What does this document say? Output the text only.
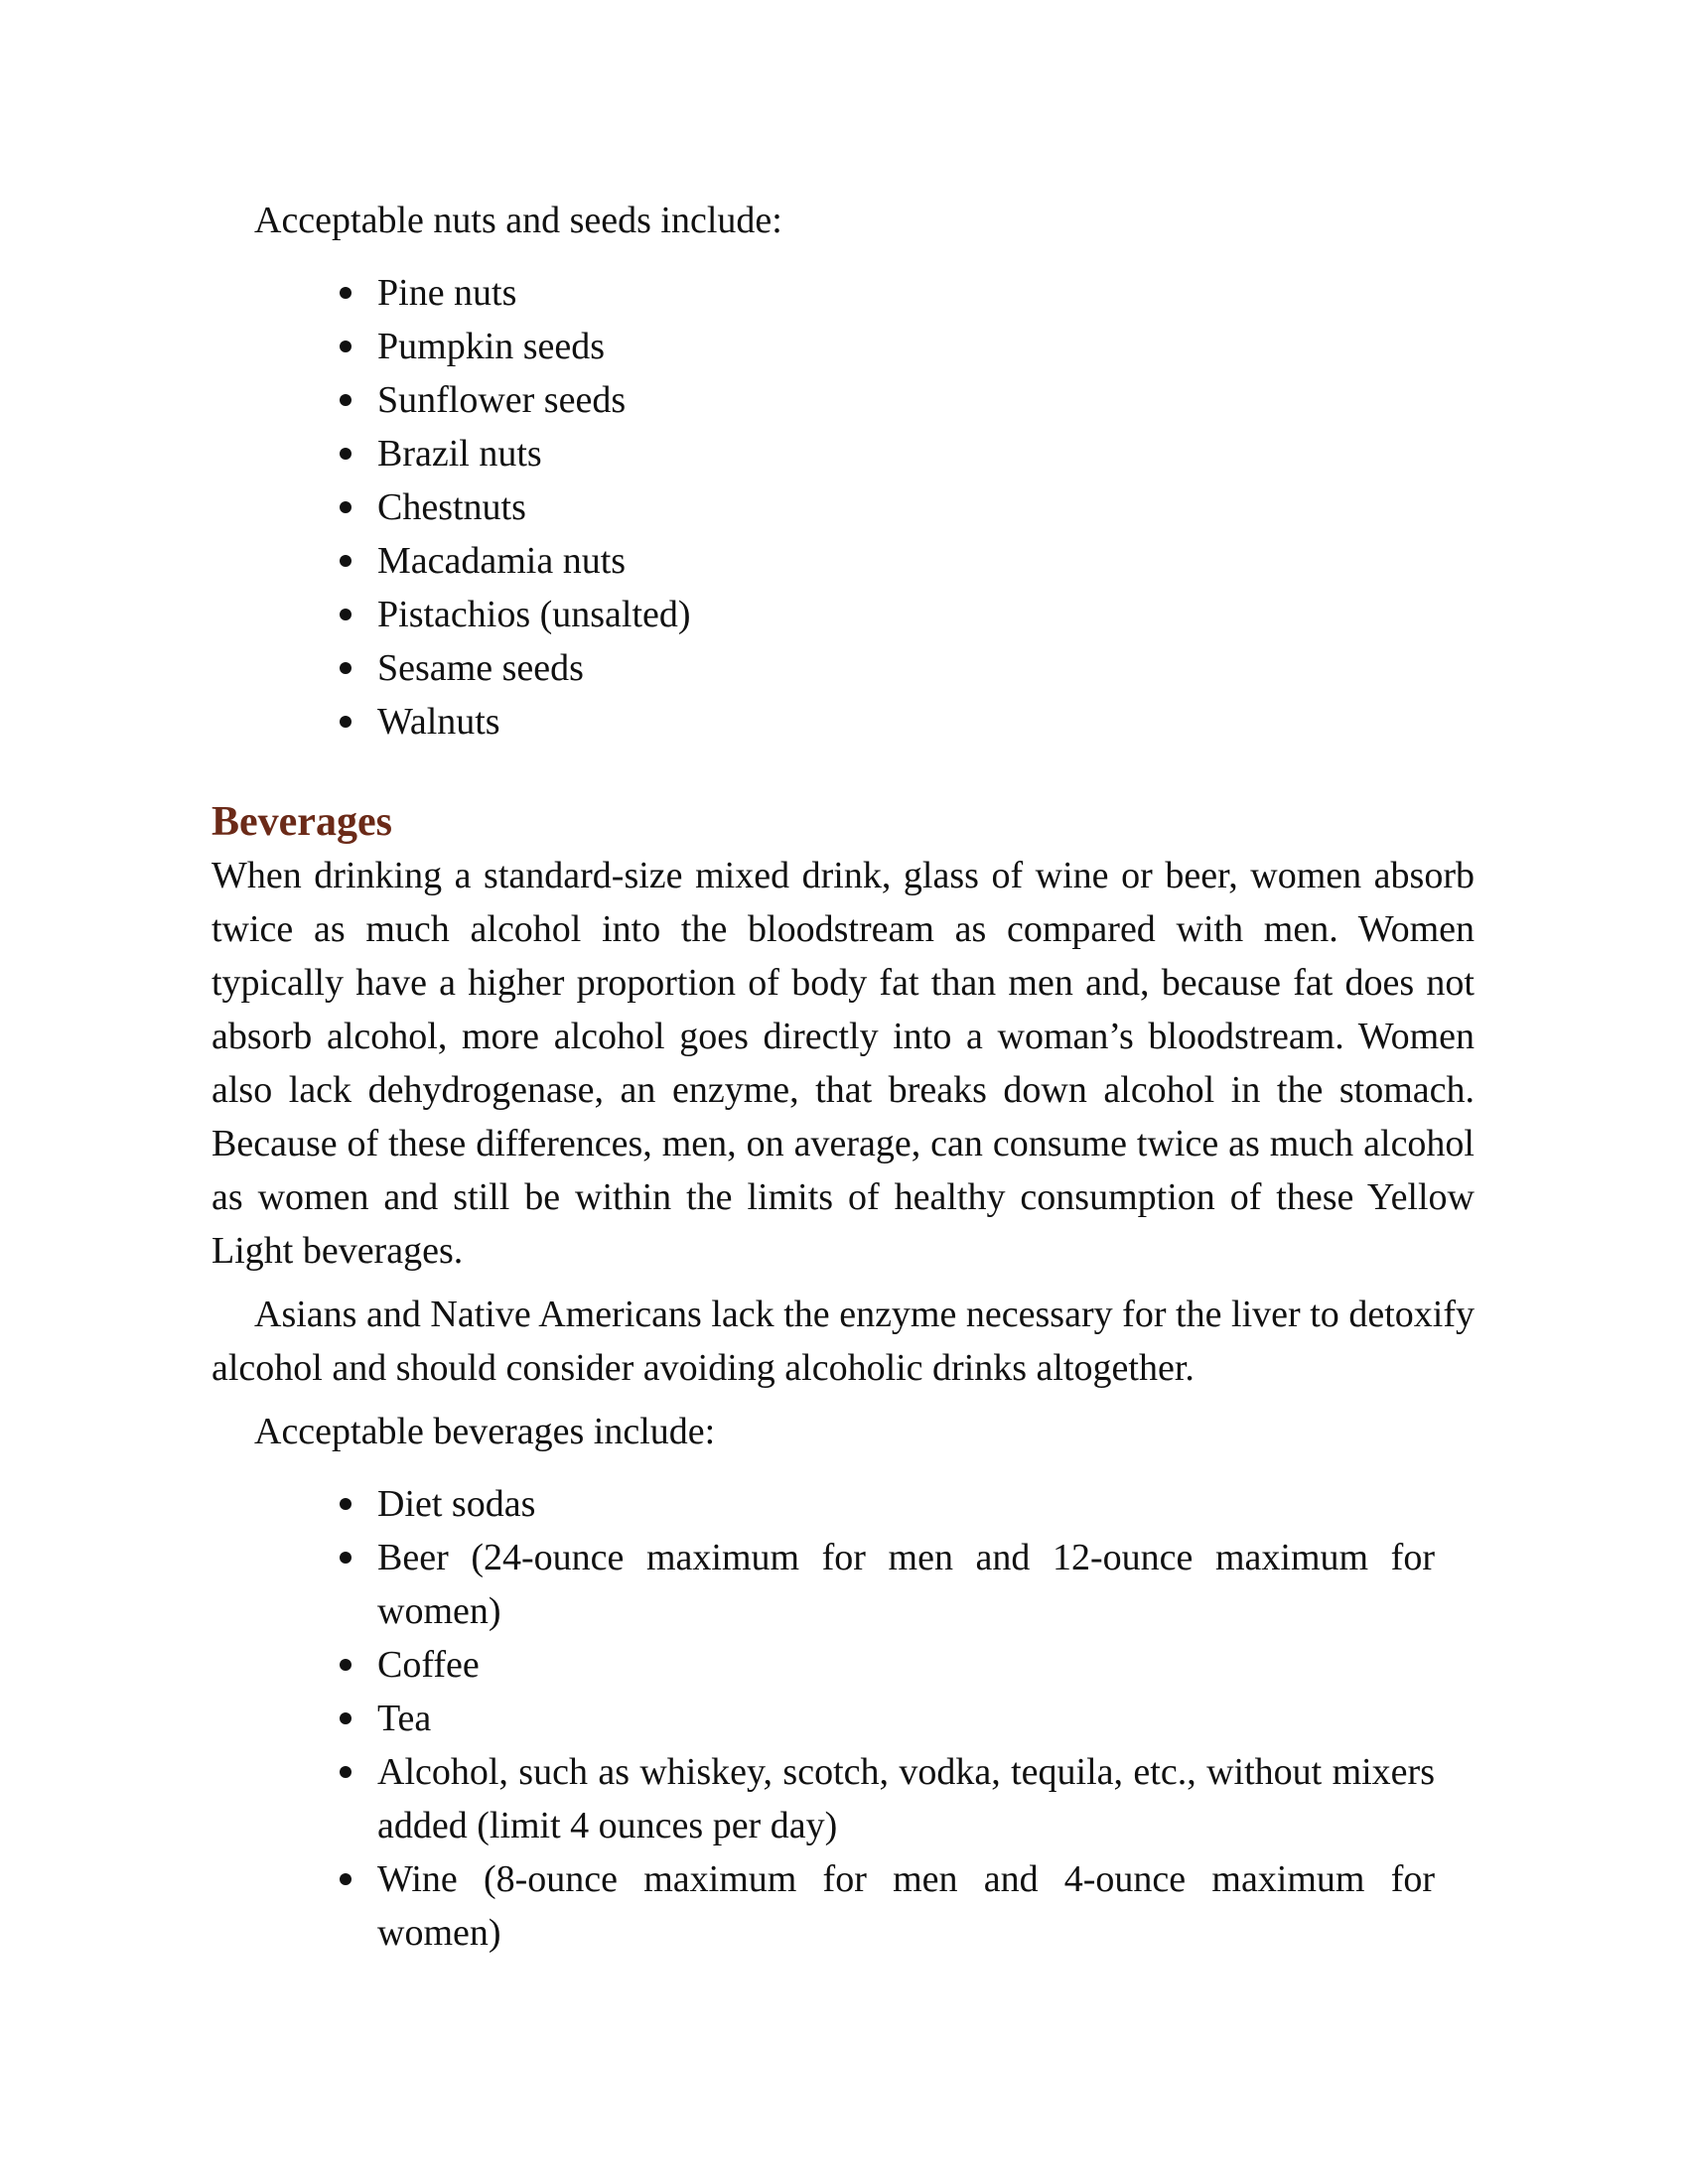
Acceptable nuts and seeds include:

Pine nuts
Pumpkin seeds
Sunflower seeds
Brazil nuts
Chestnuts
Macadamia nuts
Pistachios (unsalted)
Sesame seeds
Walnuts
Beverages

When drinking a standard-size mixed drink, glass of wine or beer, women absorb twice as much alcohol into the bloodstream as compared with men. Women typically have a higher proportion of body fat than men and, because fat does not absorb alcohol, more alcohol goes directly into a woman’s bloodstream. Women also lack dehydrogenase, an enzyme, that breaks down alcohol in the stomach. Because of these differences, men, on average, can consume twice as much alcohol as women and still be within the limits of healthy consumption of these Yellow Light beverages.

Asians and Native Americans lack the enzyme necessary for the liver to detoxify alcohol and should consider avoiding alcoholic drinks altogether.

Acceptable beverages include:

Diet sodas
Beer (24-ounce maximum for men and 12-ounce maximum for women)
Coffee
Tea
Alcohol, such as whiskey, scotch, vodka, tequila, etc., without mixers added (limit 4 ounces per day)
Wine (8-ounce maximum for men and 4-ounce maximum for women)
